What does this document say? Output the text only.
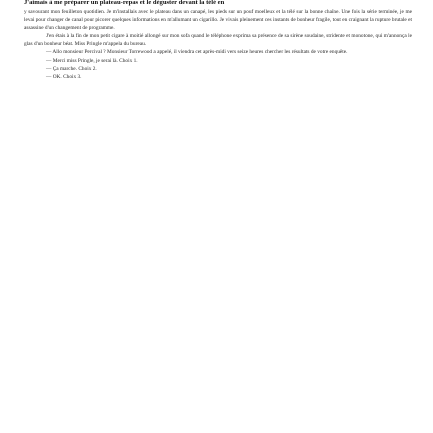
J'aimais à me préparer un plateau-repas et le déguster devant la télé en

y savourant mon feuilleton quotidien. Je m'installais avec le plateau dans un canapé, les pieds sur un pouf moelleux et la télé sur la bonne chaîne. Une fois la série terminée, je me levai pour changer de canal pour picorer quelques informations en m'allumant un cigarillo. Je vivais pleinement ces instants de bonheur fragile, tout en craignant la rupture brutale et assassine d'un changement de programme.

J'en étais à la fin de mon petit cigare à moitié allongé sur mon sofa quand le téléphone exprima sa présence de sa sirène soudaine, stridente et monotone, qui m'annonça le glas d'un bonheur béat. Miss Pringle m'appela du bureau.

— Allo monsieur Percival ? Monsieur Torrewood a appelé, il viendra cet après-midi vers seize heures chercher les résultats de votre enquête.

— Merci miss Pringle, je serai là. Choix 1.
— Ça marche. Choix 2.
— OK. Choix 3.
